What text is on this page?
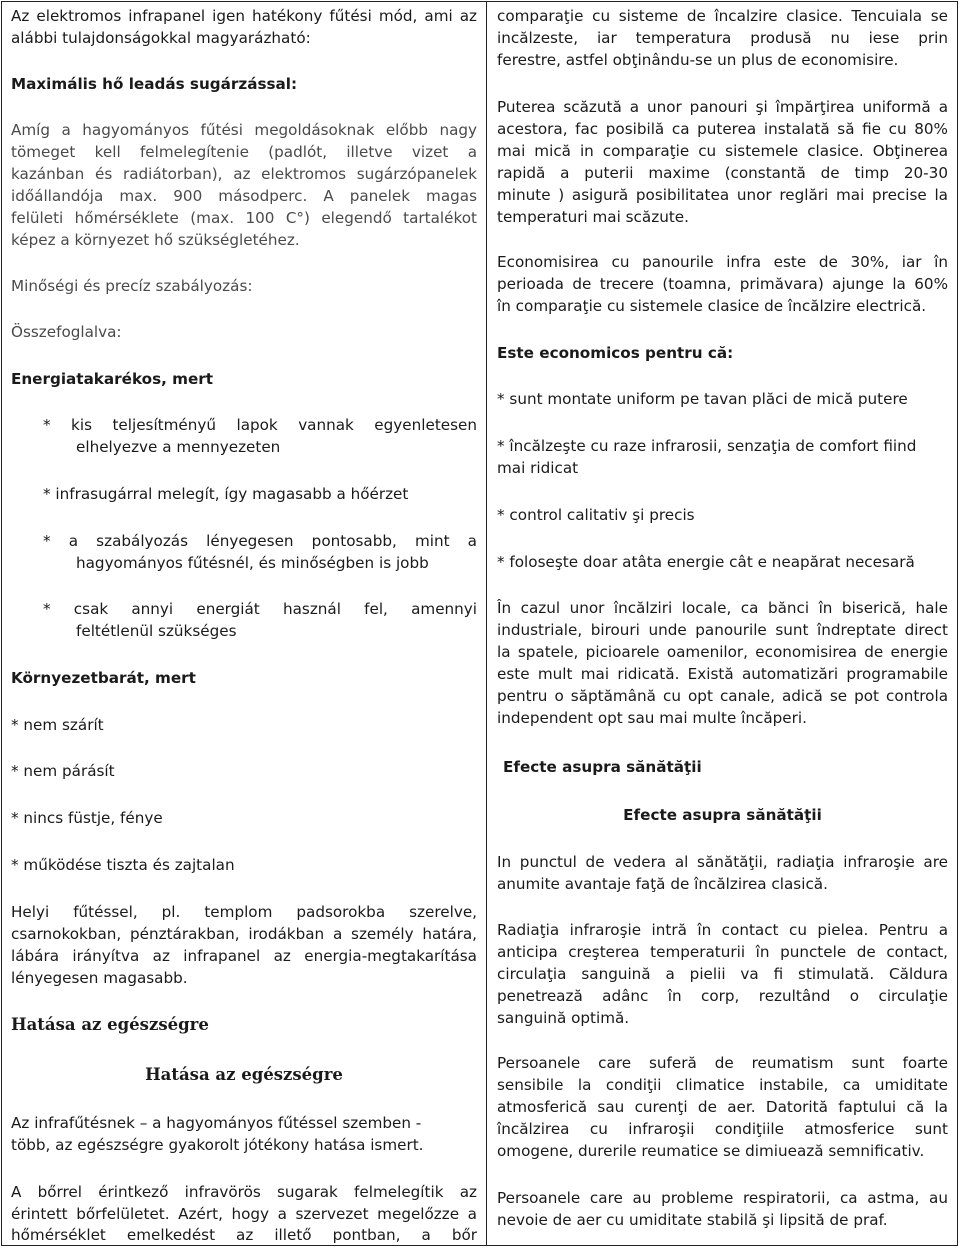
Az elektromos infrapanel igen hatékony fűtési mód, ami az
alábbi tulajdonságokkal magyarázható:
Maximális hő leadás sugárzással:
Amíg a hagyományos fűtési megoldásoknak előbb nagy
tömeget kell felmelegítenie (padlót, illetve vizet a
kazánban és radiátorban), az elektromos sugárzópanelek
időállandója max. 900 másodperc. A panelek magas
felületi hőmérséklete (max. 100 C°) elegendő tartalékot
képez a környezet hő szükségletéhez.
Minőségi és precíz szabályozás:
Összefoglalva:
Energiatakarékos, mert
* kis teljesítményű lapok vannak egyenletesen
elhelyezve a mennyezeten
* infrasugárral melegít, így magasabb a hőérzet
* a szabályozás lényegesen pontosabb, mint a
hagyományos fűtésnél, és minőségben is jobb
* csak annyi energiát használ fel, amennyi
feltétlenül szükséges
Környezetbarát, mert
* nem szárít
* nem párásít
* nincs füstje, fénye
* működése tiszta és zajtalan
Helyi fűtéssel, pl. templom padsorokba szerelve,
csarnokokban, pénztárakban, irodákban a személy határa,
lábára irányítva az infrapanel az energia-megtakarítása
lényegesen magasabb.
Hatása az egészségre
Hatása az egészségre
Az infrafűtésnek – a hagyományos fűtéssel szemben -
több, az egészségre gyakorolt jótékony hatása ismert.
A bőrrel érintkező infravörös sugarak felmelegítik az
érintett bőrfelületet. Azért, hogy a szervezet megelőzze a
hőmérséklet emelkedést az illető pontban, a bőr
comparaţie cu sisteme de încalzire clasice. Tencuiala se
incălzeste, iar temperatura produsă nu iese prin
ferestre, astfel obţinându-se un plus de economisire.
Puterea scăzută a unor panouri şi împărţirea uniformă a
acestora, fac posibilă ca puterea instalată să fie cu 80%
mai mică in comparaţie cu sistemele clasice. Obţinerea
rapidă a puterii maxime (constantă de timp 20-30
minute ) asigură posibilitatea unor reglări mai precise la
temperaturi mai scăzute.
Economisirea cu panourile infra este de 30%, iar în
perioada de trecere (toamna, primăvara) ajunge la 60%
în comparaţie cu sistemele clasice de încălzire electrică.
Este economicos pentru că:
* sunt montate uniform pe tavan plăci de mică putere
* încălzeşte cu raze infrarosii, senzaţia de comfort fiind
mai ridicat
* control calitativ şi precis
* foloseşte doar atâta energie cât e neapărat necesară
În cazul unor încălziri locale, ca bănci în biserică, hale
industriale, birouri unde panourile sunt îndreptate direct
la spatele, picioarele oamenilor, economisirea de energie
este mult mai ridicată. Există automatizări programabile
pentru o săptămână cu opt canale, adică se pot controla
independent opt sau mai multe încăperi.
Efecte asupra sănătăţii
Efecte asupra sănătăţii
In punctul de vedera al sănătăţii, radiaţia infraroşie are
anumite avantaje faţă de încălzirea clasică.
Radiaţia infraroşie intră în contact cu pielea. Pentru a
anticipa creşterea temperaturii în punctele de contact,
circulaţia sanguină a pielii va fi stimulată. Căldura
penetrează adânc în corp, rezultând o circulaţie
sanguină optimă.
Persoanele care suferă de reumatism sunt foarte
sensibile la condiţii climatice instabile, ca umiditate
atmosferică sau curenţi de aer. Datorită faptului că la
încălzirea cu infraroşii condiţiile atmosferice sunt
omogene, durerile reumatice se dimiuează semnificativ.
Persoanele care au probleme respiratorii, ca astma, au
nevoie de aer cu umiditate stabilă şi lipsită de praf.
